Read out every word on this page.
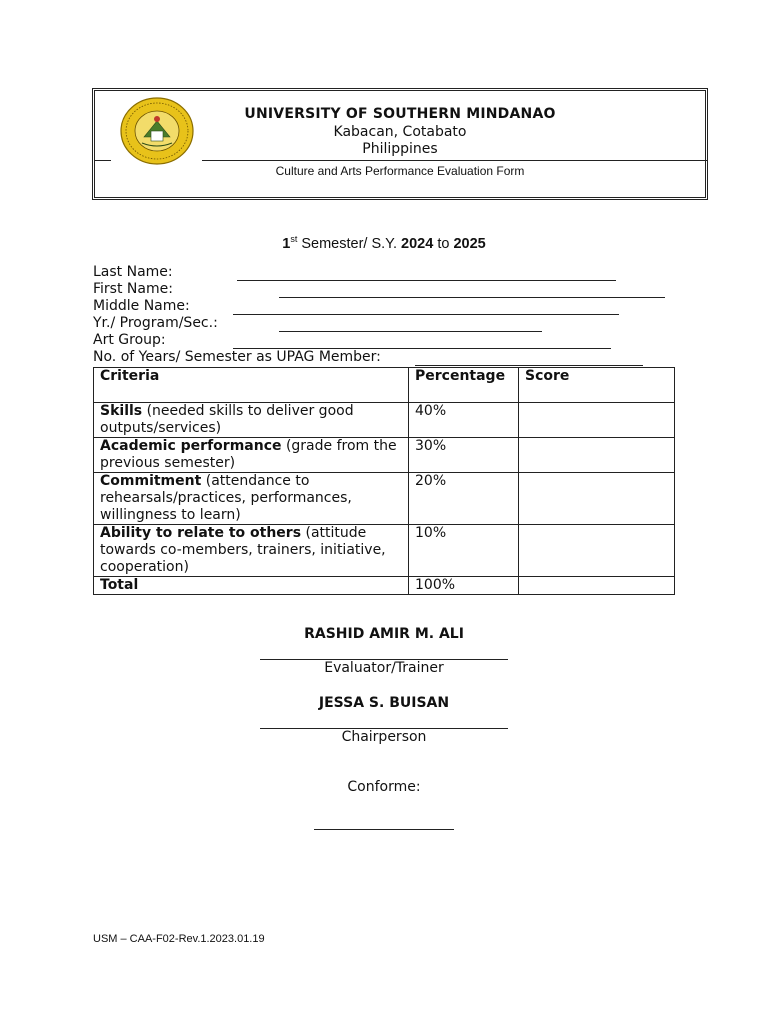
UNIVERSITY OF SOUTHERN MINDANAO
Kabacan, Cotabato
Philippines
Culture and Arts Performance Evaluation Form
1st Semester/ S.Y. 2024 to 2025
Last Name:
First Name:
Middle Name:
Yr./ Program/Sec.:
Art Group:
No. of Years/ Semester as UPAG Member:
Criteria	Percentage	Score
Skills (needed skills to deliver good outputs/services)	40%	
Academic performance (grade from the previous semester)	30%	
Commitment (attendance to rehearsals/practices, performances, willingness to learn)	20%	
Ability to relate to others (attitude towards co-members, trainers, initiative, cooperation)	10%	
Total	100%	
RASHID AMIR M. ALI
Evaluator/Trainer
JESSA S. BUISAN
Chairperson
Conforme:
USM – CAA-F02-Rev.1.2023.01.19
